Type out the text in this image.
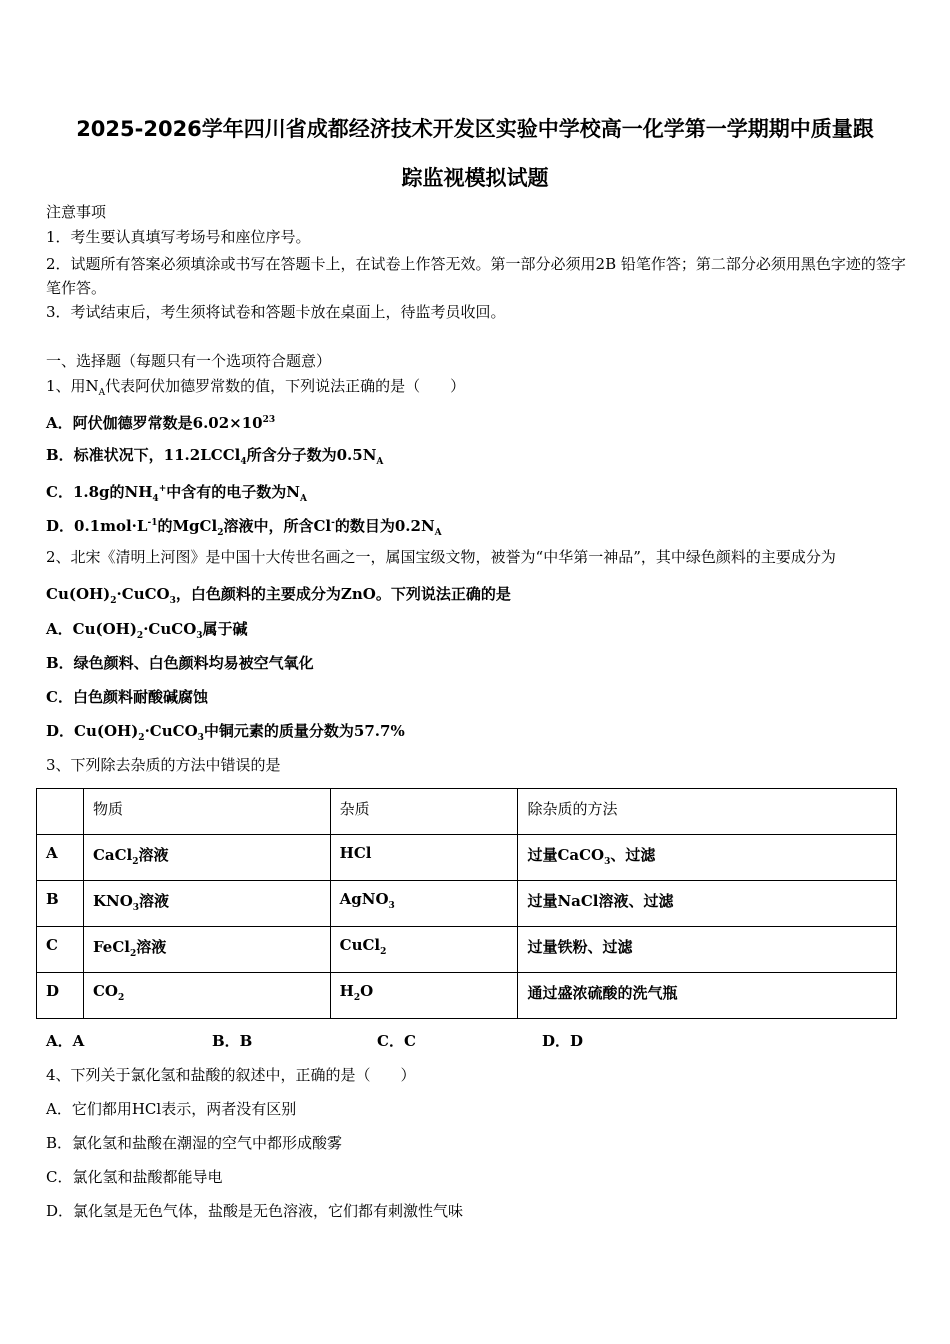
2025-2026学年四川省成都经济技术开发区实验中学校高一化学第一学期期中质量跟
踪监视模拟试题
注意事项
1．考生要认真填写考场号和座位序号。
2．试题所有答案必须填涂或书写在答题卡上，在试卷上作答无效。第一部分必须用2B 铅笔作答；第二部分必须用黑色字迹的签字笔作答。
3．考试结束后，考生须将试卷和答题卡放在桌面上，待监考员收回。
一、选择题（每题只有一个选项符合题意）
1、用$N_A$代表阿伏加德罗常数的值，下列说法正确的是（　　）
A．阿伏伽德罗常数是$6.02\times 10^{23}$
B．标准状况下，11.2LCCl$_4$所含分子数为$0.5N_A$
C．1.8g的$NH_4^+$中含有的电子数为$N_A$
D．$0.1mol\cdot L^{-1}$的MgCl$_2$溶液中，所含Cl-的数目为$0.2N_A$
2、北宋《清明上河图》是中国十大传世名画之一，属国宝级文物，被誉为“中华第一神品”，其中绿色颜料的主要成分为
$Cu(OH)_2\cdot CuCO_3$，白色颜料的主要成分为ZnO。下列说法正确的是
A．$Cu(OH)_2\cdot CuCO_3$属于碱
B．绿色颜料、白色颜料均易被空气氧化
C．白色颜料耐酸碱腐蚀
D．$Cu(OH)_2\cdot CuCO_3$中铜元素的质量分数为57.7%
3、下列除去杂质的方法中错误的是
	物质	杂质	除杂质的方法
A	CaCl$_2$溶液	HCl	过量CaCO$_3$、过滤
B	$KNO_3$溶液	AgNO$_3$	过量NaCl溶液、过滤
C	FeCl$_2$溶液	CuCl$_2$	过量铁粉、过滤
D	$CO_2$	$H_2O$	通过盛浓硫酸的洗气瓶
A．A	B．B	C．C	D．D
4、下列关于氯化氢和盐酸的叙述中，正确的是（　　）
A．它们都用HCl表示，两者没有区别
B．氯化氢和盐酸在潮湿的空气中都形成酸雾
C．氯化氢和盐酸都能导电
D．氯化氢是无色气体，盐酸是无色溶液，它们都有刺激性气味
